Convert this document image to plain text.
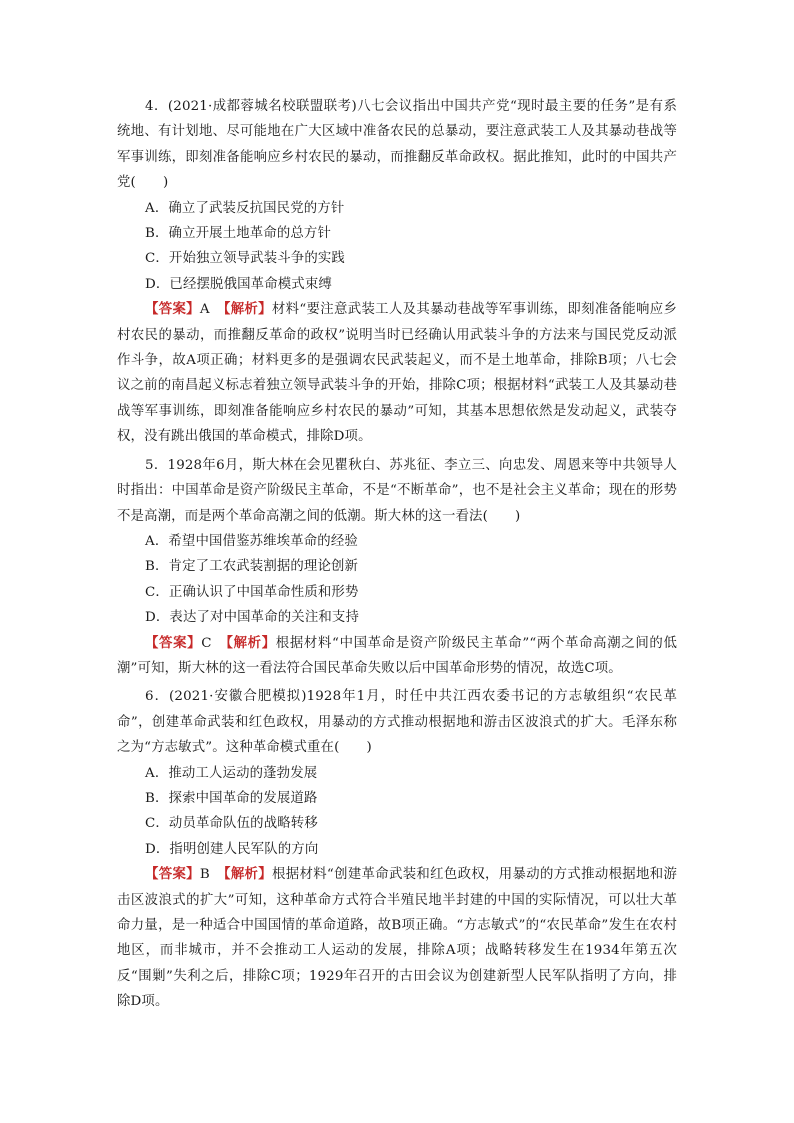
4．(2021·成都蓉城名校联盟联考)八七会议指出中国共产党“现时最主要的任务”是有系统地、有计划地、尽可能地在广大区域中准备农民的总暴动，要注意武装工人及其暴动巷战等军事训练，即刻准备能响应乡村农民的暴动，而推翻反革命政权。据此推知，此时的中国共产党(　　)

A．确立了武装反抗国民党的方针

B．确立开展土地革命的总方针

C．开始独立领导武装斗争的实践

D．已经摆脱俄国革命模式束缚

【答案】A　【解析】材料“要注意武装工人及其暴动巷战等军事训练，即刻准备能响应乡村农民的暴动，而推翻反革命的政权”说明当时已经确认用武装斗争的方法来与国民党反动派作斗争，故A项正确；材料更多的是强调农民武装起义，而不是土地革命，排除B项；八七会议之前的南昌起义标志着独立领导武装斗争的开始，排除C项；根据材料“武装工人及其暴动巷战等军事训练，即刻准备能响应乡村农民的暴动”可知，其基本思想依然是发动起义，武装夺权，没有跳出俄国的革命模式，排除D项。

5．1928年6月，斯大林在会见瞿秋白、苏兆征、李立三、向忠发、周恩来等中共领导人时指出：中国革命是资产阶级民主革命，不是“不断革命”，也不是社会主义革命；现在的形势不是高潮，而是两个革命高潮之间的低潮。斯大林的这一看法(　　)

A．希望中国借鉴苏维埃革命的经验

B．肯定了工农武装割据的理论创新

C．正确认识了中国革命性质和形势

D．表达了对中国革命的关注和支持

【答案】C　【解析】根据材料“中国革命是资产阶级民主革命”“两个革命高潮之间的低潮”可知，斯大林的这一看法符合国民革命失败以后中国革命形势的情况，故选C项。

6．(2021·安徽合肥模拟)1928年1月，时任中共江西农委书记的方志敏组织“农民革命”，创建革命武装和红色政权，用暴动的方式推动根据地和游击区波浪式的扩大。毛泽东称之为“方志敏式”。这种革命模式重在(　　)

A．推动工人运动的蓬勃发展

B．探索中国革命的发展道路

C．动员革命队伍的战略转移

D．指明创建人民军队的方向

【答案】B　【解析】根据材料“创建革命武装和红色政权，用暴动的方式推动根据地和游击区波浪式的扩大”可知，这种革命方式符合半殖民地半封建的中国的实际情况，可以壮大革命力量，是一种适合中国国情的革命道路，故B项正确。“方志敏式”的“农民革命”发生在农村地区，而非城市，并不会推动工人运动的发展，排除A项；战略转移发生在1934年第五次反“围剿”失利之后，排除C项；1929年召开的古田会议为创建新型人民军队指明了方向，排除D项。
